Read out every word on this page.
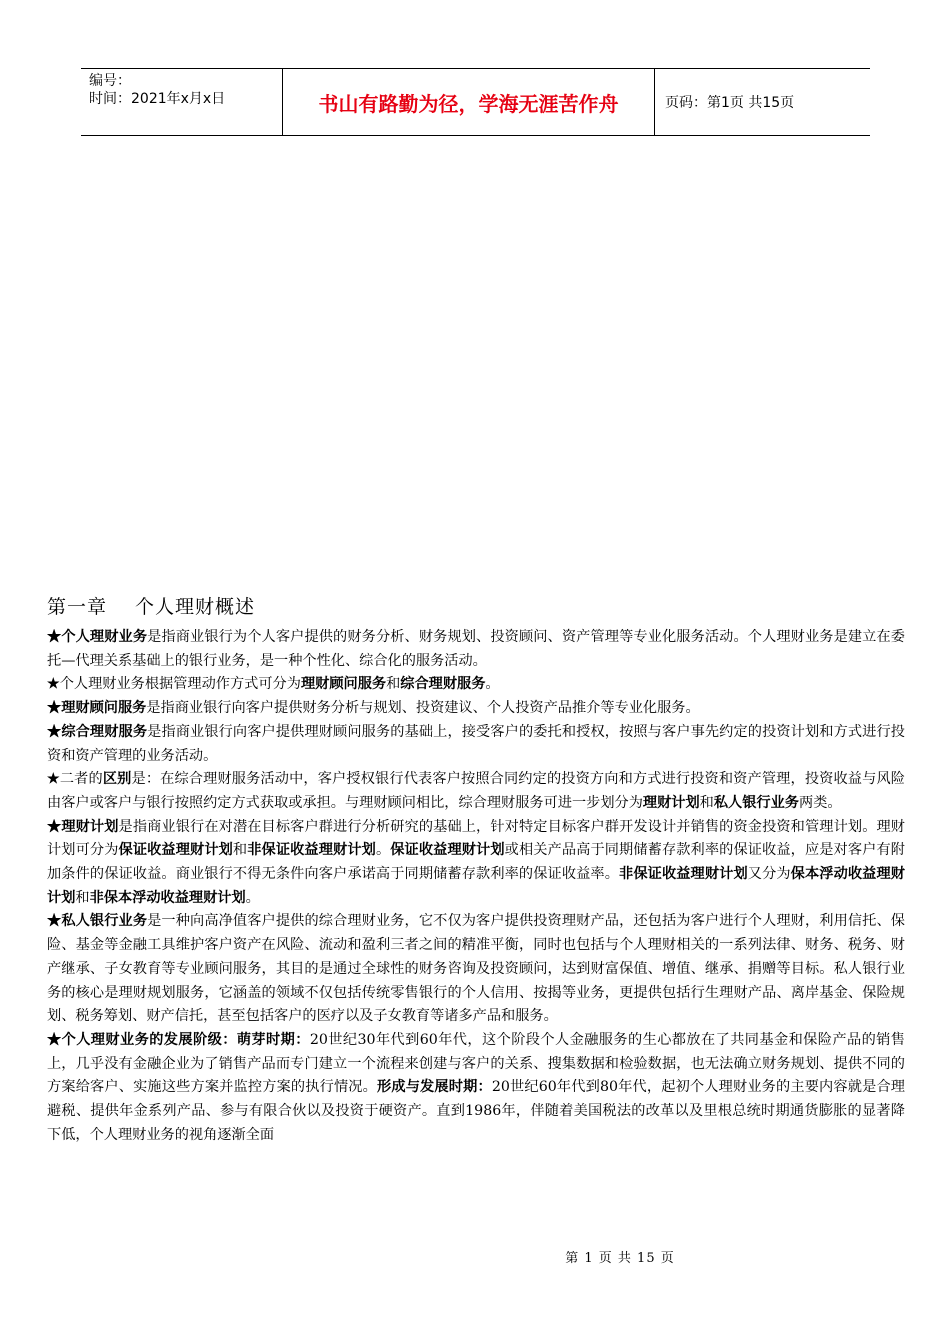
编号：
时间：2021年x月x日	书山有路勤为径，学海无涯苦作舟	页码：第1页 共15页
第一章 个人理财概述

★个人理财业务是指商业银行为个人客户提供的财务分析、财务规划、投资顾问、资产管理等专业化服务活动。个人理财业务是建立在委托—代理关系基础上的银行业务，是一种个性化、综合化的服务活动。

★个人理财业务根据管理动作方式可分为理财顾问服务和综合理财服务。

★理财顾问服务是指商业银行向客户提供财务分析与规划、投资建议、个人投资产品推介等专业化服务。

★综合理财服务是指商业银行向客户提供理财顾问服务的基础上，接受客户的委托和授权，按照与客户事先约定的投资计划和方式进行投资和资产管理的业务活动。

★二者的区别是：在综合理财服务活动中，客户授权银行代表客户按照合同约定的投资方向和方式进行投资和资产管理，投资收益与风险由客户或客户与银行按照约定方式获取或承担。与理财顾问相比，综合理财服务可进一步划分为理财计划和私人银行业务两类。

★理财计划是指商业银行在对潜在目标客户群进行分析研究的基础上，针对特定目标客户群开发设计并销售的资金投资和管理计划。理财计划可分为保证收益理财计划和非保证收益理财计划。保证收益理财计划或相关产品高于同期储蓄存款利率的保证收益，应是对客户有附加条件的保证收益。商业银行不得无条件向客户承诺高于同期储蓄存款利率的保证收益率。非保证收益理财计划又分为保本浮动收益理财计划和非保本浮动收益理财计划。

★私人银行业务是一种向高净值客户提供的综合理财业务，它不仅为客户提供投资理财产品，还包括为客户进行个人理财，利用信托、保险、基金等金融工具维护客户资产在风险、流动和盈利三者之间的精准平衡，同时也包括与个人理财相关的一系列法律、财务、税务、财产继承、子女教育等专业顾问服务，其目的是通过全球性的财务咨询及投资顾问，达到财富保值、增值、继承、捐赠等目标。私人银行业务的核心是理财规划服务，它涵盖的领域不仅包括传统零售银行的个人信用、按揭等业务，更提供包括行生理财产品、离岸基金、保险规划、税务筹划、财产信托，甚至包括客户的医疗以及子女教育等诸多产品和服务。

★个人理财业务的发展阶级：萌芽时期：20世纪30年代到60年代，这个阶段个人金融服务的生心都放在了共同基金和保险产品的销售上，几乎没有金融企业为了销售产品而专门建立一个流程来创建与客户的关系、搜集数据和检验数据，也无法确立财务规划、提供不同的方案给客户、实施这些方案并监控方案的执行情况。形成与发展时期：20世纪60年代到80年代，起初个人理财业务的主要内容就是合理避税、提供年金系列产品、参与有限合伙以及投资于硬资产。直到1986年，伴随着美国税法的改革以及里根总统时期通货膨胀的显著降下低，个人理财业务的视角逐渐全面

第 1 页 共 15 页
